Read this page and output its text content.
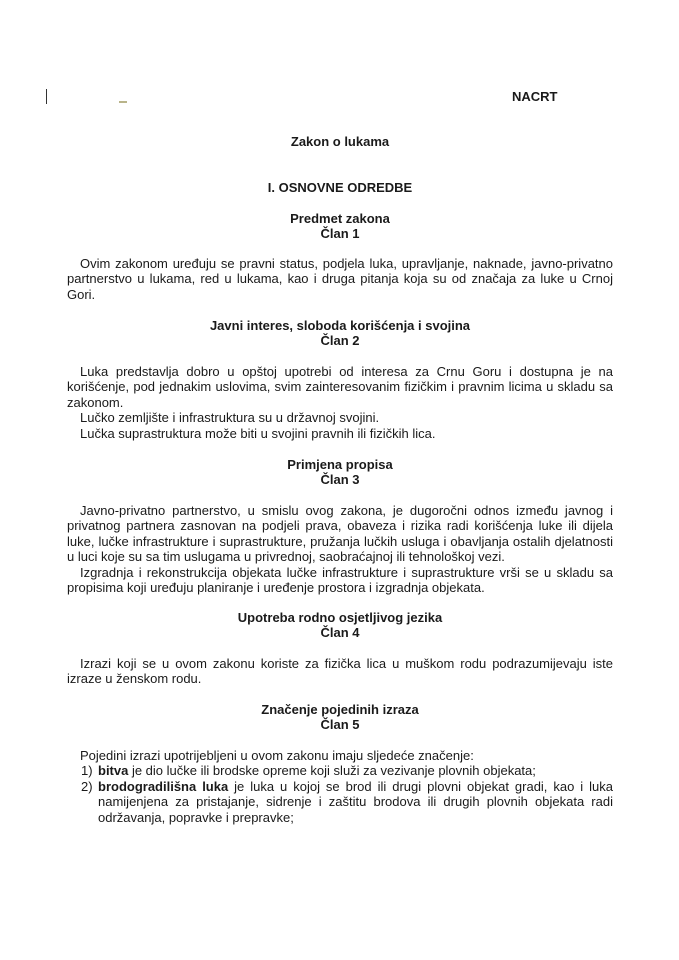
NACRT
Zakon o lukama
I. OSNOVNE ODREDBE
Predmet zakona
Član 1

Ovim zakonom uređuju se pravni status, podjela luka, upravljanje, naknade, javno-privatno partnerstvo u lukama, red u lukama, kao i druga pitanja koja su od značaja za luke u Crnoj Gori.

Javni interes, sloboda korišćenja i svojina
Član 2

Luka predstavlja dobro u opštoj upotrebi od interesa za Crnu Goru i dostupna je na korišćenje, pod jednakim uslovima, svim zainteresovanim fizičkim i pravnim licima u skladu sa zakonom.

Lučko zemljište i infrastruktura su u državnoj svojini.

Lučka suprastruktura može biti u svojini pravnih ili fizičkih lica.

Primjena propisa
Član 3

Javno-privatno partnerstvo, u smislu ovog zakona, je dugoročni odnos između javnog i privatnog partnera zasnovan na podjeli prava, obaveza i rizika radi korišćenja luke ili dijela luke, lučke infrastrukture i suprastrukture, pružanja lučkih usluga i obavljanja ostalih djelatnosti u luci koje su sa tim uslugama u privrednoj, saobraćajnoj ili tehnološkoj vezi.

Izgradnja i rekonstrukcija objekata lučke infrastrukture i suprastrukture vrši se u skladu sa propisima koji uređuju planiranje i uređenje prostora i izgradnja objekata.

Upotreba rodno osjetljivog jezika
Član 4

Izrazi koji se u ovom zakonu koriste za fizička lica u muškom rodu podrazumijevaju iste izraze u ženskom rodu.

Značenje pojedinih izraza
Član 5

Pojedini izrazi upotrijebljeni u ovom zakonu imaju sljedeće značenje:

1) bitva je dio lučke ili brodske opreme koji služi za vezivanje plovnih objekata;
2) brodogradilišna luka je luka u kojoj se brod ili drugi plovni objekat gradi, kao i luka namijenjena za pristajanje, sidrenje i zaštitu brodova ili drugih plovnih objekata radi održavanja, popravke i prepravke;
